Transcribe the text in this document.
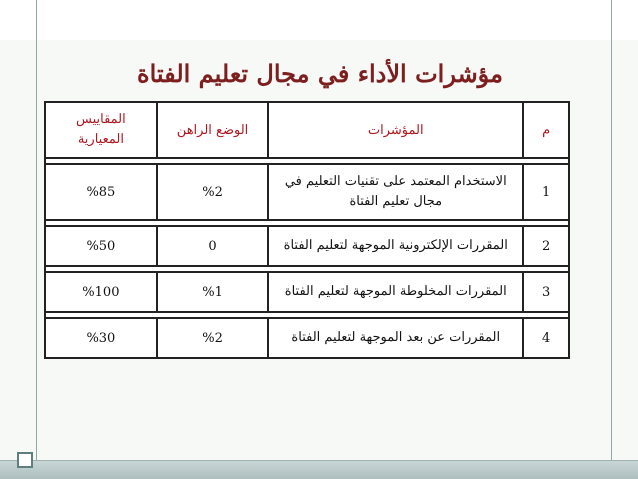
مؤشرات الأداء في مجال تعليم الفتاة
م	المؤشرات	الوضع الراهن	المقاييس المعيارية

1	الاستخدام المعتمد على تقنيات التعليم في مجال تعليم الفتاة	%2	%85

2	المقررات الإلكترونية الموجهة لتعليم الفتاة	0	%50

3	المقررات المخلوطة الموجهة لتعليم الفتاة	%1	%100

4	المقررات عن بعد الموجهة لتعليم الفتاة	%2	%30
